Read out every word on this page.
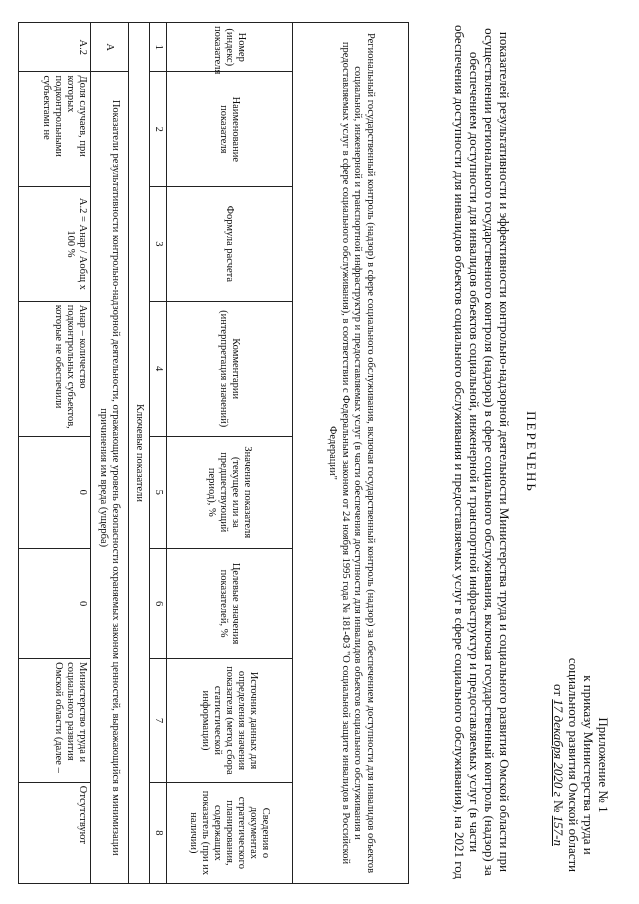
Приложение № 1
к приказу Министерства труда и
социального развития Омской области
от 17 декабря 2020 г № 157-п
ПЕРЕЧЕНЬ
показателей результативности и эффективности контрольно-надзорной деятельности Министерства труда и социального развития Омской области при осуществлении регионального государственного контроля (надзора) в сфере социального обслуживания, включая государственный контроль (надзор) за обеспечением доступности для инвалидов объектов социальной, инженерной и транспортной инфраструктур и предоставляемых услуг (в части обеспечения доступности для инвалидов объектов социального обслуживания и предоставляемых услуг в сфере социального обслуживания), на 2021 год
Региональный государственный контроль (надзор) в сфере социального обслуживания, включая государственный контроль (надзор) за обеспечением доступности для инвалидов объектов социальной, инженерной и транспортной инфраструктур и предоставляемых услуг (в части обеспечения доступности для инвалидов объектов социального обслуживания и предоставляемых услуг в сфере социального обслуживания), в соответствии с Федеральным законом от 24 ноября 1995 года № 181-ФЗ "О социальной защите инвалидов в Российской Федерации"							
Номер (индекс) показателя	Наименование показателя	Формула расчета	Комментарии (интерпретация значений)	Значение показателя (текущее или за предшествующий период), %	Целевые значения показателей, %	Источник данных для определения значения показателя (метод сбора статистической информации)	Сведения о документах стратегического планирования, содержащих показатель (при их наличии)
1	2	3	4	5	6	7	8
Ключевые показатели							
А	Показатели результативности контрольно-надзорной деятельности, отражающие уровень безопасности охраняемых законом ценностей, выражающийся в минимизации причинения им вреда (ущерба)						
А.2	Доля случаев, при которых подконтрольными субъектами не	А.2 = Aнар / Aобщ x 100 %	Aнар – количество подконтрольных субъектов, которые не обеспечили	0	0	Министерство труда и социального развития Омской области (далее –	Отсутствуют
